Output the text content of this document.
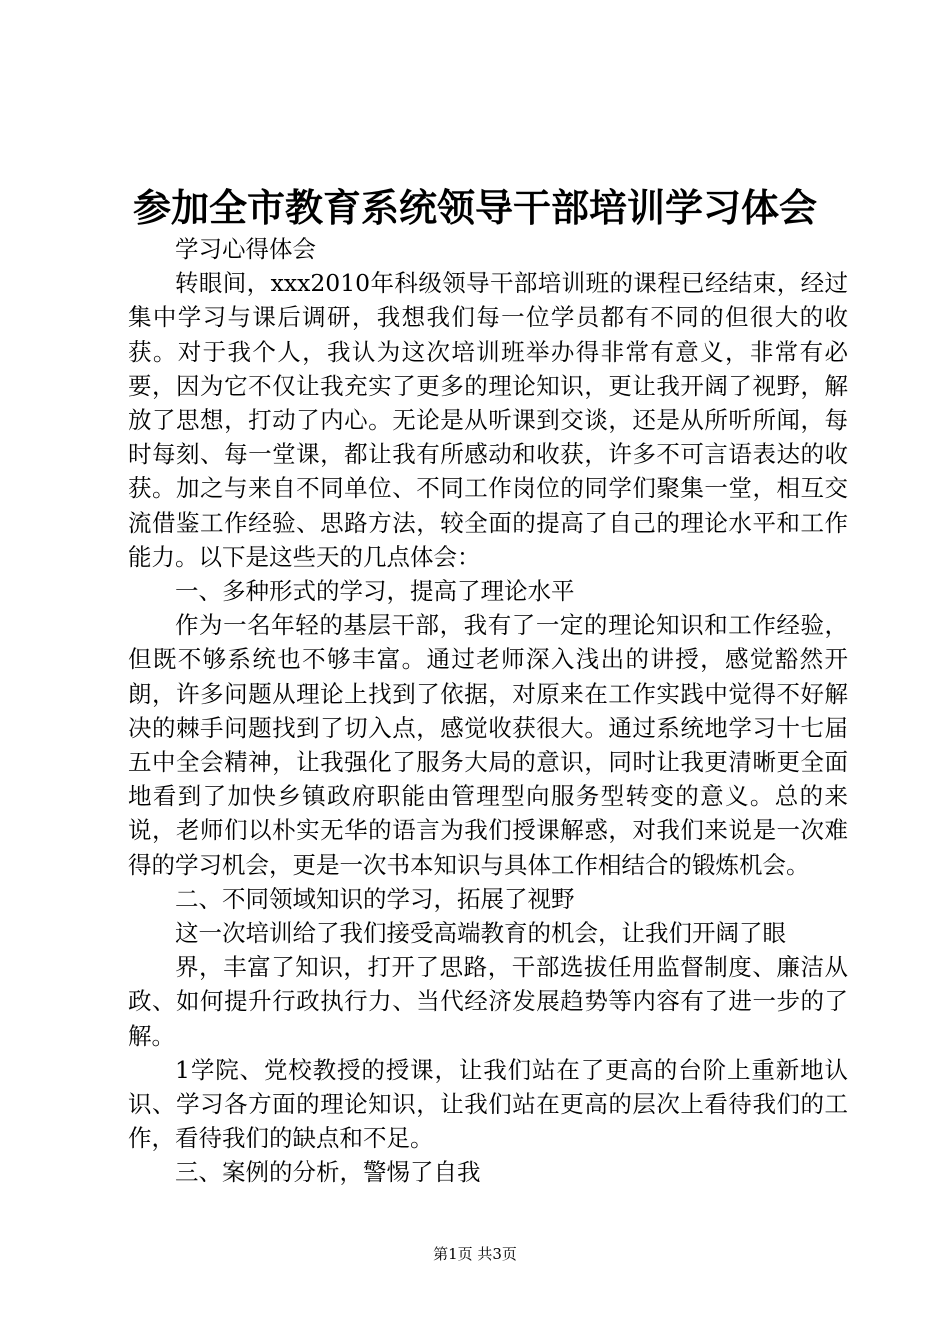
参加全市教育系统领导干部培训学习体会

学习心得体会

转眼间，xxx2010年科级领导干部培训班的课程已经结束，经过集中学习与课后调研，我想我们每一位学员都有不同的但很大的收获。对于我个人，我认为这次培训班举办得非常有意义，非常有必要，因为它不仅让我充实了更多的理论知识，更让我开阔了视野，解放了思想，打动了内心。无论是从听课到交谈，还是从所听所闻，每时每刻、每一堂课，都让我有所感动和收获，许多不可言语表达的收获。加之与来自不同单位、不同工作岗位的同学们聚集一堂，相互交流借鉴工作经验、思路方法，较全面的提高了自己的理论水平和工作能力。以下是这些天的几点体会：

一、多种形式的学习，提高了理论水平

作为一名年轻的基层干部，我有了一定的理论知识和工作经验，但既不够系统也不够丰富。通过老师深入浅出的讲授，感觉豁然开朗，许多问题从理论上找到了依据，对原来在工作实践中觉得不好解决的棘手问题找到了切入点，感觉收获很大。通过系统地学习十七届五中全会精神，让我强化了服务大局的意识，同时让我更清晰更全面地看到了加快乡镇政府职能由管理型向服务型转变的意义。总的来说，老师们以朴实无华的语言为我们授课解惑，对我们来说是一次难得的学习机会，更是一次书本知识与具体工作相结合的锻炼机会。

二、不同领域知识的学习，拓展了视野

这一次培训给了我们接受高端教育的机会，让我们开阔了眼

界，丰富了知识，打开了思路，干部选拔任用监督制度、廉洁从政、如何提升行政执行力、当代经济发展趋势等内容有了进一步的了解。

1学院、党校教授的授课，让我们站在了更高的台阶上重新地认识、学习各方面的理论知识，让我们站在更高的层次上看待我们的工作，看待我们的缺点和不足。

三、案例的分析，警惕了自我

第1页 共3页
